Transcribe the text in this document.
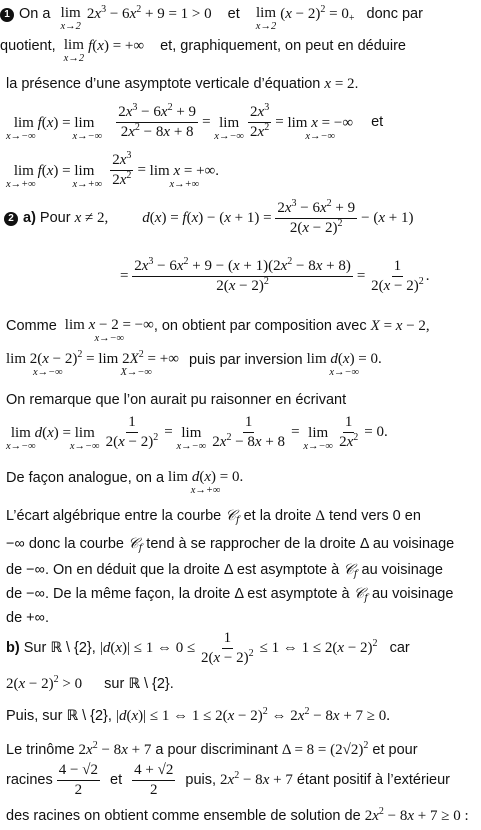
1 On a lim
x→2
$2x^3 - 6x^2 + 9 = 1 > 0$ et lim
x→2
$(x - 2)^2 = 0_+$ donc par
quotient, lim
x→2
f(x) = +∞ et, graphiquement, on peut en déduire
la présence d’une asymptote verticale d’équation x = 2.
lim f(x) = lim
x→−∞              x→−∞
$\frac{2x^3 - 6x^2 + 9}{2x^2 - 8x + 8} = \lim$
x→−∞
$\frac{2x^3}{2x^2} = \lim x$ = −∞
x→−∞
et
lim f(x) = lim
x→+∞              x→+∞
$\frac{2x^3}{2x^2} = \lim x$ = +∞.
x→+∞
2 a) Pour x ≠ 2, $d(x) = f(x) - (x + 1) = \frac{2x^3 - 6x^2 + 9}{2(x - 2)^2} - (x + 1)$
= $\frac{2x^3 - 6x^2 + 9 - (x + 1)(2x^2 - 8x + 8)}{2(x - 2)^2} = \frac{1}{2(x - 2)^2}$ .
Comme lim x − 2 = −∞
x→−∞
, on obtient par composition avec X = x − 2,
$\lim 2(x - 2)^2 = \lim 2X^2$ = +∞
x→−∞                      X→−∞
puis par inversion lim d(x) = 0.
x→−∞
On remarque que l’on aurait pu raisonner en écrivant
lim d(x) = lim
x→−∞             x→−∞
$\frac{1}{2(x - 2)^2} = \lim$
x→−∞
$\frac{1}{2x^2 - 8x + 8} = \lim$
x→−∞
$\frac{1}{2x^2} = 0$.
De façon analogue, on a lim d(x) = 0.
x→+∞
L’écart algébrique entre la courbe 𝒞$_f$ et la droite Δ tend vers 0 en
−∞ donc la courbe 𝒞$_f$ tend à se rapprocher de la droite Δ au voisinage
de −∞. On en déduit que la droite Δ est asymptote à 𝒞$_f$ au voisinage
de −∞. De la même façon, la droite Δ est asymptote à 𝒞$_f$ au voisinage
de +∞.
b) Sur ℝ \ {2}, |d(x)| ≤ 1 ⇔ $0 \le \frac{1}{2(x - 2)^2} \le 1$ ⇔ $1 \le 2(x - 2)^2$ car
$2(x - 2)^2 > 0$ sur ℝ \ {2}.
Puis, sur ℝ \ {2}, |d(x)| ≤ 1 ⇔ $1 \le 2(x - 2)^2$ ⇔ $2x^2 - 8x + 7 \ge 0$.
Le trinôme $2x^2 - 8x + 7$ a pour discriminant $\Delta = 8 = (2√2)^2$ et pour
racines $\frac{4 - √2}{2}$ et $\frac{4 + √2}{2}$ puis, $2x^2 - 8x + 7$ étant positif à l’extérieur
des racines on obtient comme ensemble de solution de $2x^2 - 8x + 7 \ge 0$ :
